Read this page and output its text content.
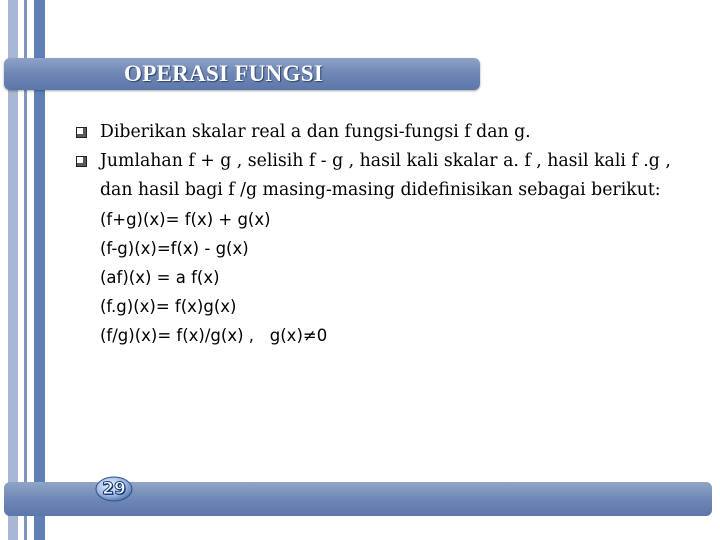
OPERASI FUNGSI
Diberikan skalar real a dan fungsi-fungsi f dan g.
Jumlahan f + g , selisih f - g , hasil kali skalar a. f , hasil kali f .g , dan hasil bagi f /g masing-masing didefinisikan sebagai berikut:
(f+g)(x)= f(x) + g(x)
(f-g)(x)=f(x) - g(x)
(af)(x) = a f(x)
(f.g)(x)= f(x)g(x)
(f/g)(x)= f(x)/g(x) ,   g(x)≠0
29
